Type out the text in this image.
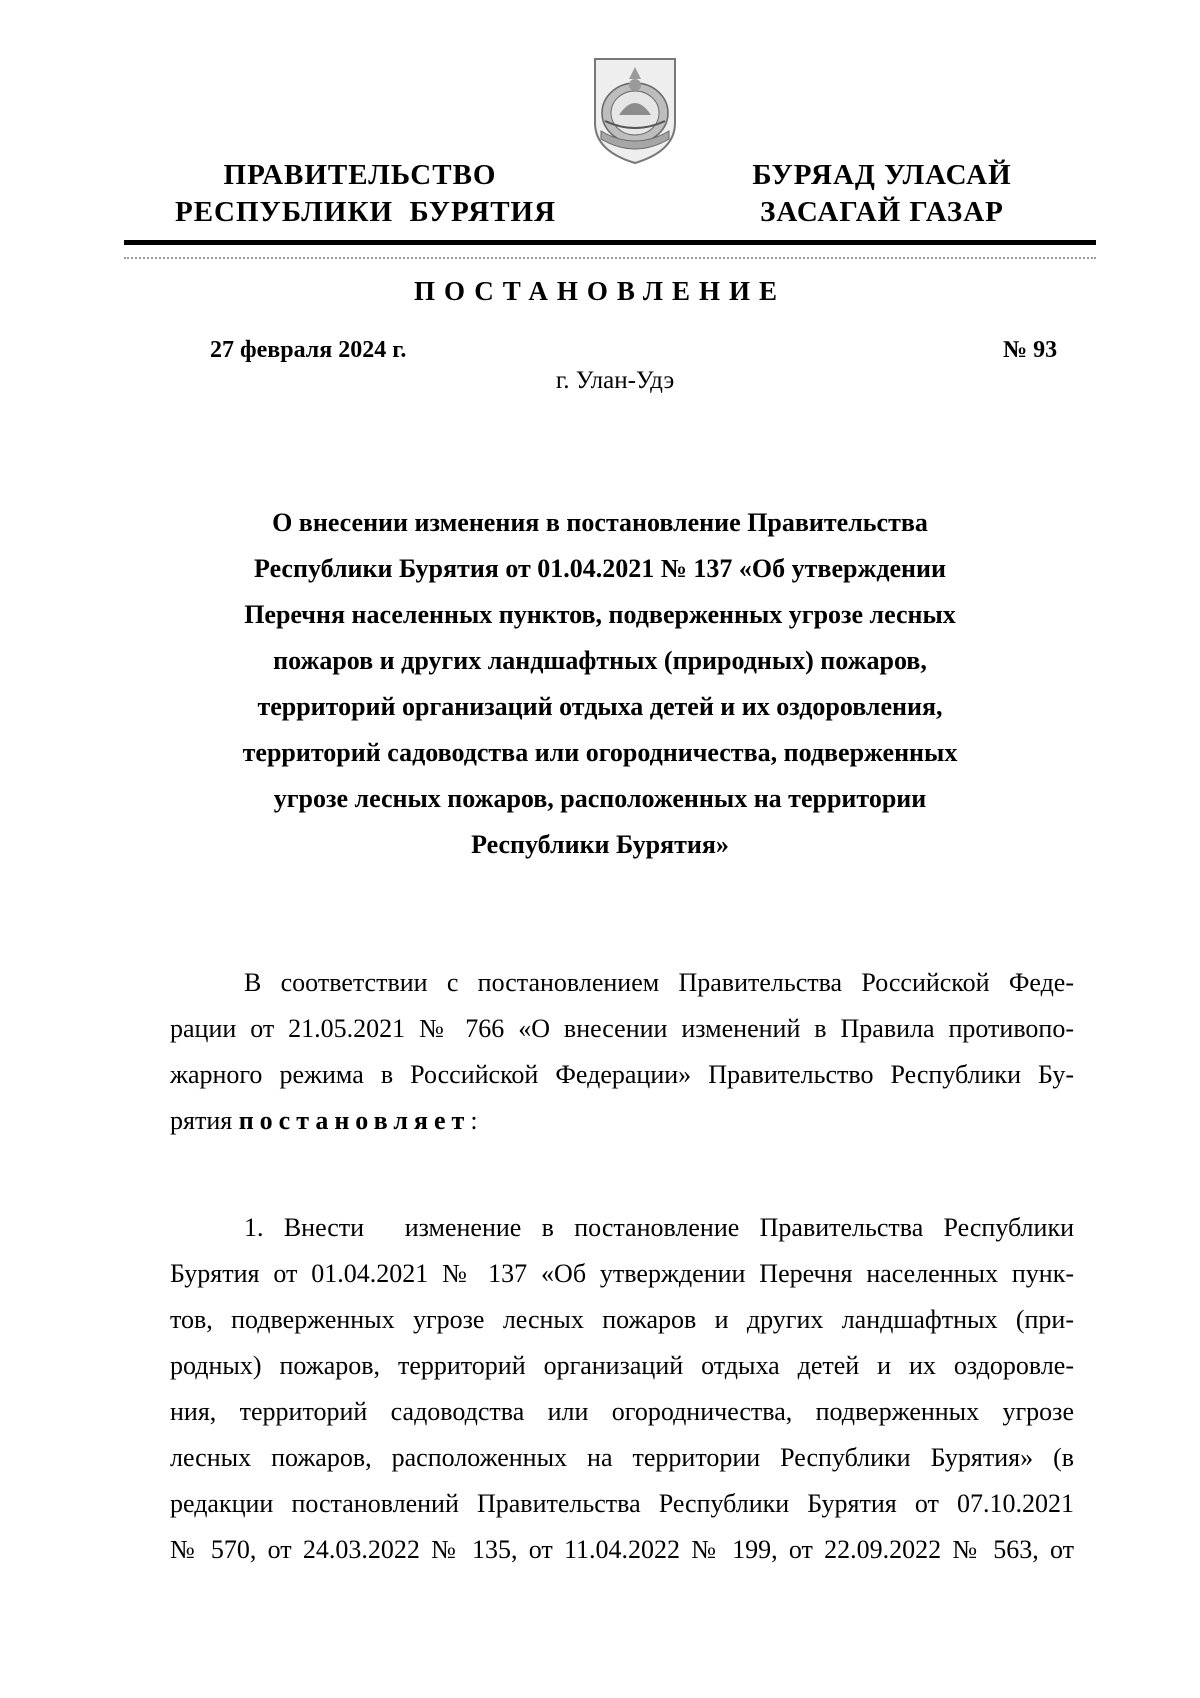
ПРАВИТЕЛЬСТВО
РЕСПУБЛИКИ  БУРЯТИЯ
БУРЯАД УЛАСАЙ
ЗАСАГАЙ ГАЗАР
ПОСТАНОВЛЕНИЕ
27 февраля 2024 г.	№ 93
г. Улан-Удэ
О внесении изменения в постановление Правительства
Республики Бурятия от 01.04.2021 № 137 «Об утверждении
Перечня населенных пунктов, подверженных угрозе лесных
пожаров и других ландшафтных (природных) пожаров,
территорий организаций отдыха детей и их оздоровления,
территорий садоводства или огородничества, подверженных
угрозе лесных пожаров, расположенных на территории
Республики Бурятия»
В соответствии с постановлением Правительства Российской Феде-
рации от 21.05.2021 № 766 «О внесении изменений в Правила противопо-
жарного режима в Российской Федерации» Правительство Республики Бу-
рятия постановляет:
1. Внести  изменение в постановление Правительства Республики
Бурятия от 01.04.2021 № 137 «Об утверждении Перечня населенных пунк-
тов, подверженных угрозе лесных пожаров и других ландшафтных (при-
родных) пожаров, территорий организаций отдыха детей и их оздоровле-
ния, территорий садоводства или огородничества, подверженных угрозе
лесных пожаров, расположенных на территории Республики Бурятия» (в
редакции постановлений Правительства Республики Бурятия от 07.10.2021
№ 570, от 24.03.2022 № 135, от 11.04.2022 № 199, от 22.09.2022 № 563, от
